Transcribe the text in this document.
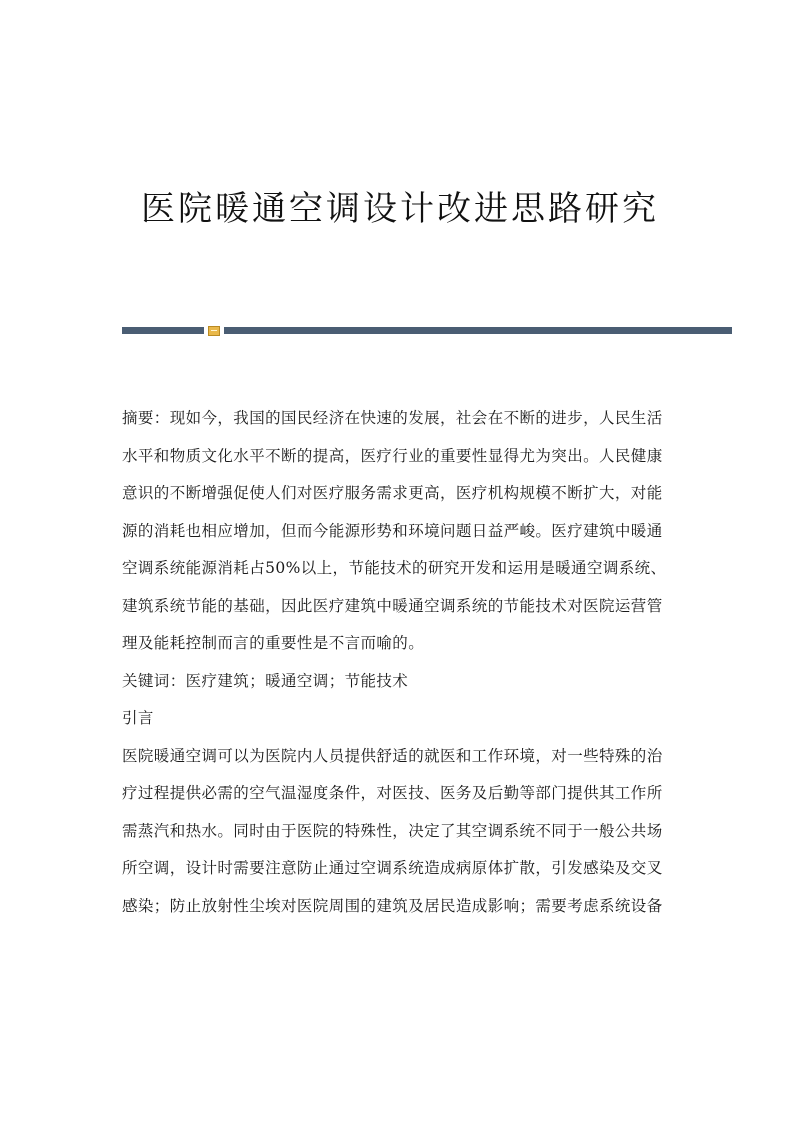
医院暖通空调设计改进思路研究

摘要：现如今，我国的国民经济在快速的发展，社会在不断的进步，人民生活
水平和物质文化水平不断的提高，医疗行业的重要性显得尤为突出。人民健康
意识的不断增强促使人们对医疗服务需求更高，医疗机构规模不断扩大，对能
源的消耗也相应增加，但而今能源形势和环境问题日益严峻。医疗建筑中暖通
空调系统能源消耗占50%以上，节能技术的研究开发和运用是暖通空调系统、
建筑系统节能的基础，因此医疗建筑中暖通空调系统的节能技术对医院运营管
理及能耗控制而言的重要性是不言而喻的。

关键词：医疗建筑；暖通空调；节能技术

引言

医院暖通空调可以为医院内人员提供舒适的就医和工作环境，对一些特殊的治
疗过程提供必需的空气温湿度条件，对医技、医务及后勤等部门提供其工作所
需蒸汽和热水。同时由于医院的特殊性，决定了其空调系统不同于一般公共场
所空调，设计时需要注意防止通过空调系统造成病原体扩散，引发感染及交叉
感染；防止放射性尘埃对医院周围的建筑及居民造成影响；需要考虑系统设备
